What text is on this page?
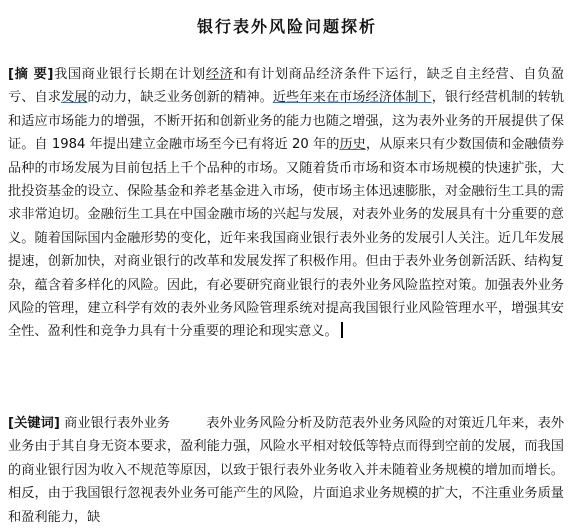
银行表外风险问题探析
[摘 要]我国商业银行长期在计划经济和有计划商品经济条件下运行，缺乏自主经营、自负盈亏、自求发展的动力，缺乏业务创新的精神。近些年来在市场经济体制下，银行经营机制的转轨和适应市场能力的增强，不断开拓和创新业务的能力也随之增强，这为表外业务的开展提供了保证。自 1984 年提出建立金融市场至今已有将近 20 年的历史，从原来只有少数国债和金融债券品种的市场发展为目前包括上千个品种的市场。又随着货币市场和资本市场规模的快速扩张，大批投资基金的设立、保险基金和养老基金进入市场，使市场主体迅速膨胀，对金融衍生工具的需求非常迫切。金融衍生工具在中国金融市场的兴起与发展，对表外业务的发展具有十分重要的意义。随着国际国内金融形势的变化，近年来我国商业银行表外业务的发展引人关注。近几年发展提速，创新加快，对商业银行的改革和发展发挥了积极作用。但由于表外业务创新活跃、结构复杂，蕴含着多样化的风险。因此，有必要研究商业银行的表外业务风险监控对策。加强表外业务风险的管理，建立科学有效的表外业务风险管理系统对提高我国银行业风险管理水平，增强其安全性、盈利性和竞争力具有十分重要的理论和现实意义。
[关键词] 商业银行表外业务	表外业务风险分析及防范表外业务风险的对策近几年来，表外业务由于其自身无资本要求，盈利能力强，风险水平相对较低等特点而得到空前的发展，而我国的商业银行因为收入不规范等原因，以致于银行表外业务收入并未随着业务规模的增加而增长。相反，由于我国银行忽视表外业务可能产生的风险，片面追求业务规模的扩大，不注重业务质量和盈利能力，缺
